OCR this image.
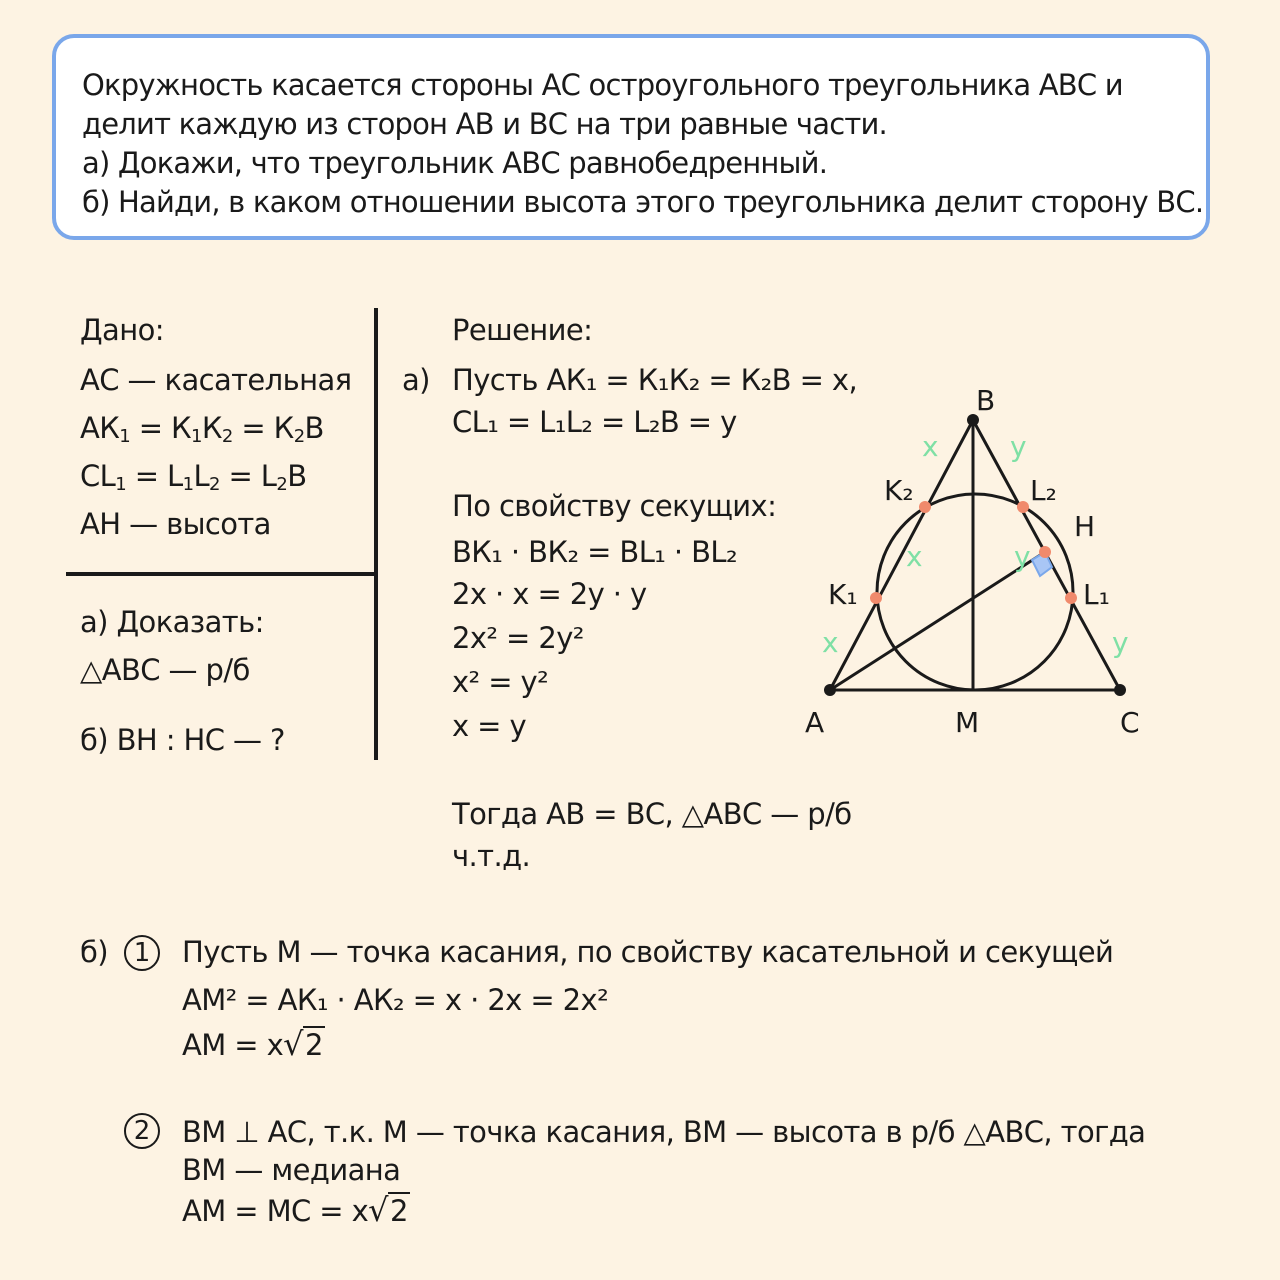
Окружность касается стороны АС остроугольного треугольника АВС и
делит каждую из сторон АВ и ВС на три равные части.
а) Докажи, что треугольник АВС равнобедренный.
б) Найди, в каком отношении высота этого треугольника делит сторону ВС.
Дано:
АС — касательная
$АК_1 = К_1К_2 = К_2В$
$СL_1 = L_1L_2 = L_2В$
АН — высота
а) Доказать:
△АВС — р/б
б) ВН : НС — ?
Решение:
а) Пусть АК₁ = К₁К₂ = К₂В = х,
СL₁ = L₁L₂ = L₂В = у
По свойству секущих:
ВК₁ · ВК₂ = ВL₁ · ВL₂
2х · х = 2у · у
2х² = 2у²
х² = у²
х = у
Тогда АВ = ВС, △АВС — р/б
ч.т.д.
B
A	M	C
H
K₂
K₁
L₂
L₁
x
x
x
y
y
y
б) 1	Пусть М — точка касания, по свойству касательной и секущей
АМ² = АК₁ · АК₂ = х · 2х = 2х²
АМ = х√2
2	ВМ ⊥ АС, т.к. М — точка касания, ВМ — высота в р/б △АВС, тогда
ВМ — медиана
АМ = МС = х√2
